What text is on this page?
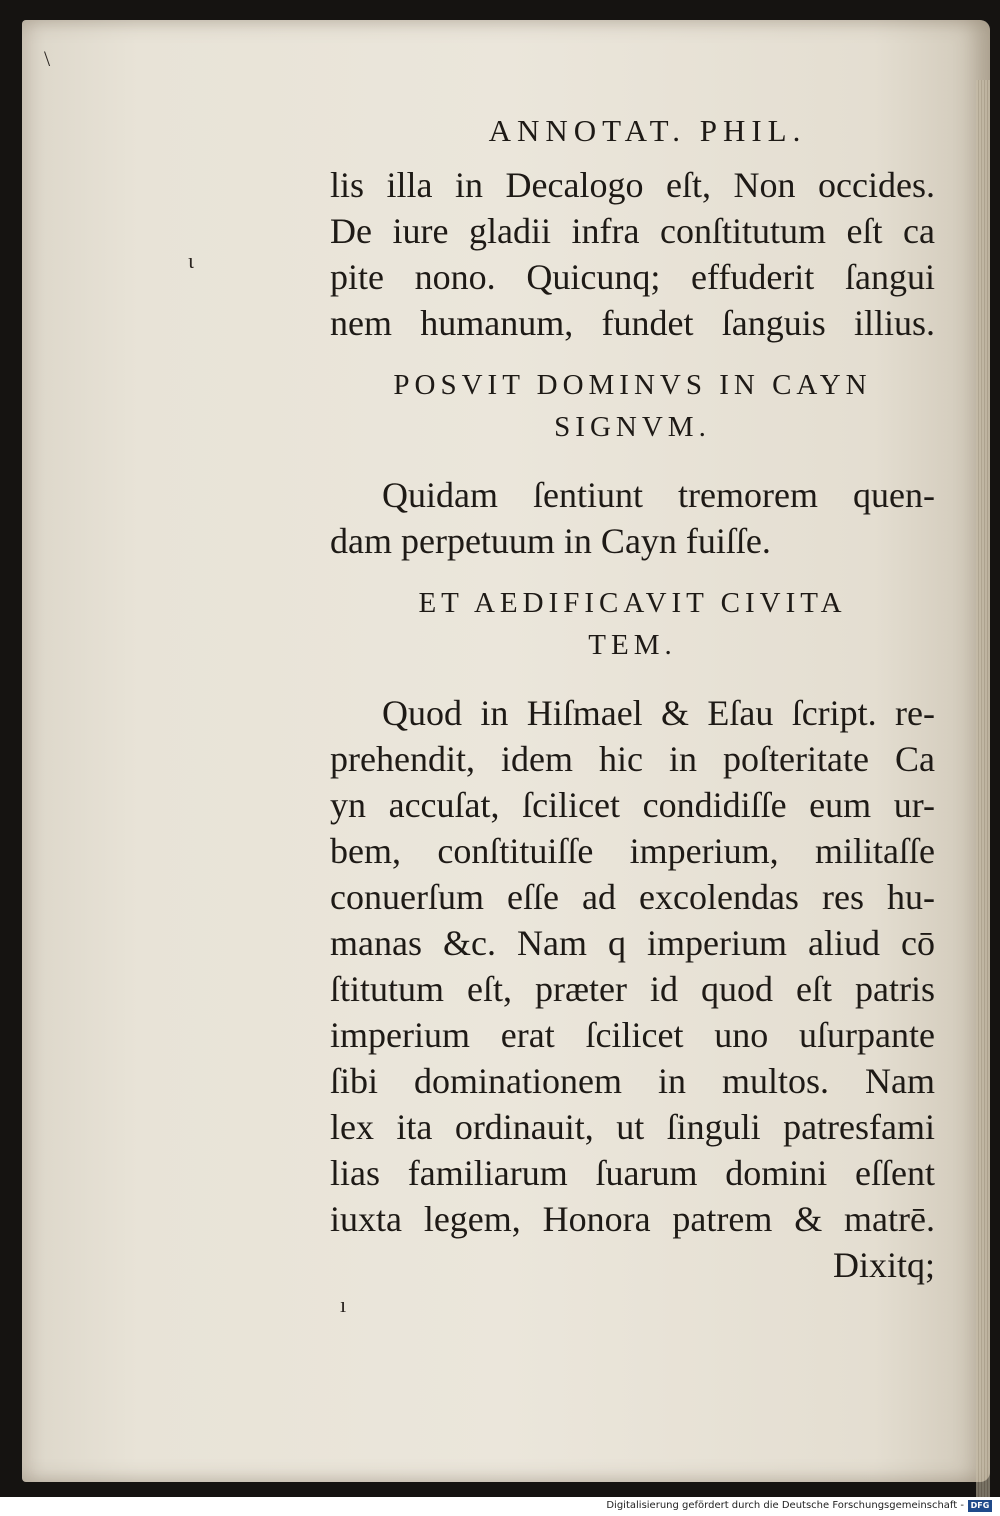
\
ι
ı
ANNOTAT. PHIL.
lis illa in Decalogo eſt, Non occides.
De iure gladii infra conſtitutum eſt ca
pite nono. Quicunq; effuderit ſangui
nem humanum, fundet ſanguis illius.
POSVIT DOMINVS IN CAYN
SIGNVM.
Quidam ſentiunt tremorem quen-
dam perpetuum in Cayn fuiſſe.
ET AEDIFICAVIT CIVITA
TEM.
Quod in Hiſmael & Eſau ſcript. re-
prehendit, idem hic in poſteritate Ca
yn accuſat, ſcilicet condidiſſe eum ur-
bem, conſtituiſſe imperium, militaſſe
conuerſum eſſe ad excolendas res hu-
manas &c. Nam q imperium aliud cō
ſtitutum eſt, præter id quod eſt patris
imperium erat ſcilicet uno uſurpante
ſibi dominationem in multos. Nam
lex ita ordinauit, ut ſinguli patresfami
lias familiarum ſuarum domini eſſent
iuxta legem, Honora patrem & matrē.
Dixitq;
Digitalisierung gefördert durch die Deutsche Forschungsgemeinschaft - DFG
